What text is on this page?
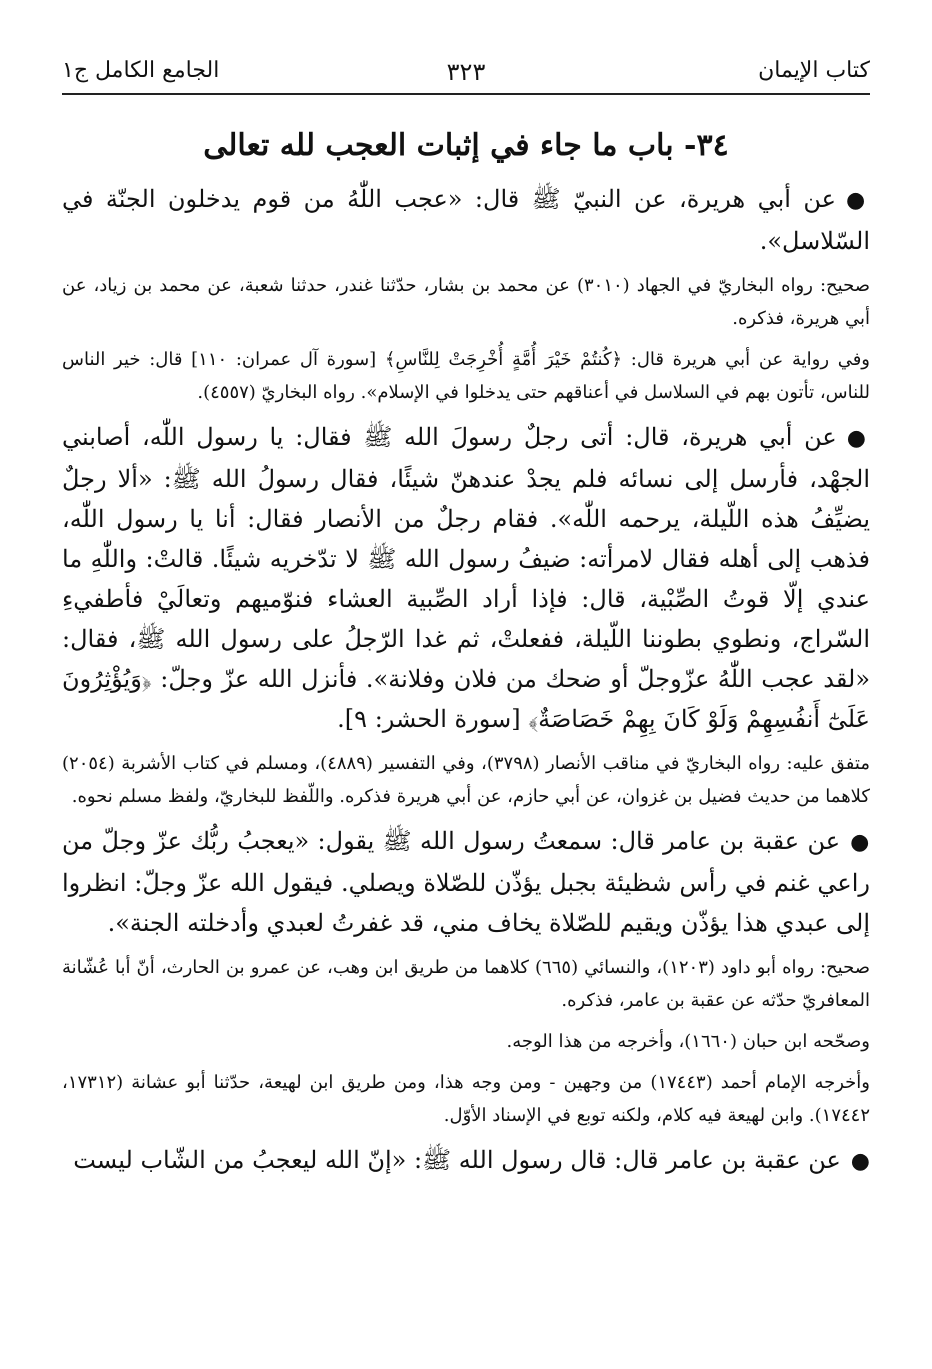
الجامع الكامل ج١	٣٢٣	كتاب الإيمان
٣٤- باب ما جاء في إثبات العجب لله تعالى

●عن أبي هريرة، عن النبيّ ﷺ قال: «عجب اللّٰهُ من قوم يدخلون الجنّة في السّلاسل».

صحيح: رواه البخاريّ في الجهاد (٣٠١٠) عن محمد بن بشار، حدّثنا غندر، حدثنا شعبة، عن محمد بن زياد، عن أبي هريرة، فذكره.

وفي رواية عن أبي هريرة قال: ﴿كُنتُمْ خَيْرَ أُمَّةٍ أُخْرِجَتْ لِلنَّاسِ﴾ [سورة آل عمران: ١١٠] قال: خير الناس للناس، تأتون بهم في السلاسل في أعناقهم حتى يدخلوا في الإسلام». رواه البخاريّ (٤٥٥٧).

●عن أبي هريرة، قال: أتى رجلٌ رسولَ الله ﷺ فقال: يا رسول اللّٰه، أصابني الجهْد، فأرسل إلى نسائه فلم يجدْ عندهنّ شيئًا، فقال رسولُ الله ﷺ: «ألا رجلٌ يضيِّفُ هذه اللّيلة، يرحمه اللّٰه». فقام رجلٌ من الأنصار فقال: أنا يا رسول اللّٰه، فذهب إلى أهله فقال لامرأته: ضيفُ رسول الله ﷺ لا تدّخريه شيئًا. قالتْ: واللّٰهِ ما عندي إلّا قوتُ الصِّبْية، قال: فإذا أراد الصِّبية العشاء فنوّميهم وتعالَيْ فأطفيءِ السّراج، ونطوي بطوننا اللّيلة، ففعلتْ، ثم غدا الرّجلُ على رسول الله ﷺ، فقال: «لقد عجب اللّٰهُ عزّوجلّ أو ضحك من فلان وفلانة». فأنزل الله عزّ وجلّ: ﴿وَيُؤْثِرُونَ عَلَىٰٓ أَنفُسِهِمْ وَلَوْ كَانَ بِهِمْ خَصَاصَةٌ﴾ [سورة الحشر: ٩].

متفق عليه: رواه البخاريّ في مناقب الأنصار (٣٧٩٨)، وفي التفسير (٤٨٨٩)، ومسلم في كتاب الأشربة (٢٠٥٤) كلاهما من حديث فضيل بن غزوان، عن أبي حازم، عن أبي هريرة فذكره. واللّفظ للبخاريّ، ولفظ مسلم نحوه.

●عن عقبة بن عامر قال: سمعتُ رسول الله ﷺ يقول: «يعجبُ ربُّك عزّ وجلّ من راعي غنم في رأس شظيئة بجبل يؤذّن للصّلاة ويصلي. فيقول الله عزّ وجلّ: انظروا إلى عبدي هذا يؤذّن ويقيم للصّلاة يخاف مني، قد غفرتُ لعبدي وأدخلته الجنة».

صحيح: رواه أبو داود (١٢٠٣)، والنسائي (٦٦٥) كلاهما من طريق ابن وهب، عن عمرو بن الحارث، أنّ أبا عُشّانة المعافريّ حدّثه عن عقبة بن عامر، فذكره.

وصحّحه ابن حبان (١٦٦٠)، وأخرجه من هذا الوجه.

وأخرجه الإمام أحمد (١٧٤٤٣) من وجهين - ومن وجه هذا، ومن طريق ابن لهيعة، حدّثنا أبو عشانة (١٧٣١٢، ١٧٤٤٢). وابن لهيعة فيه كلام، ولكنه توبع في الإسناد الأوّل.

●عن عقبة بن عامر قال: قال رسول الله ﷺ: «إنّ الله ليعجبُ من الشّاب ليست
